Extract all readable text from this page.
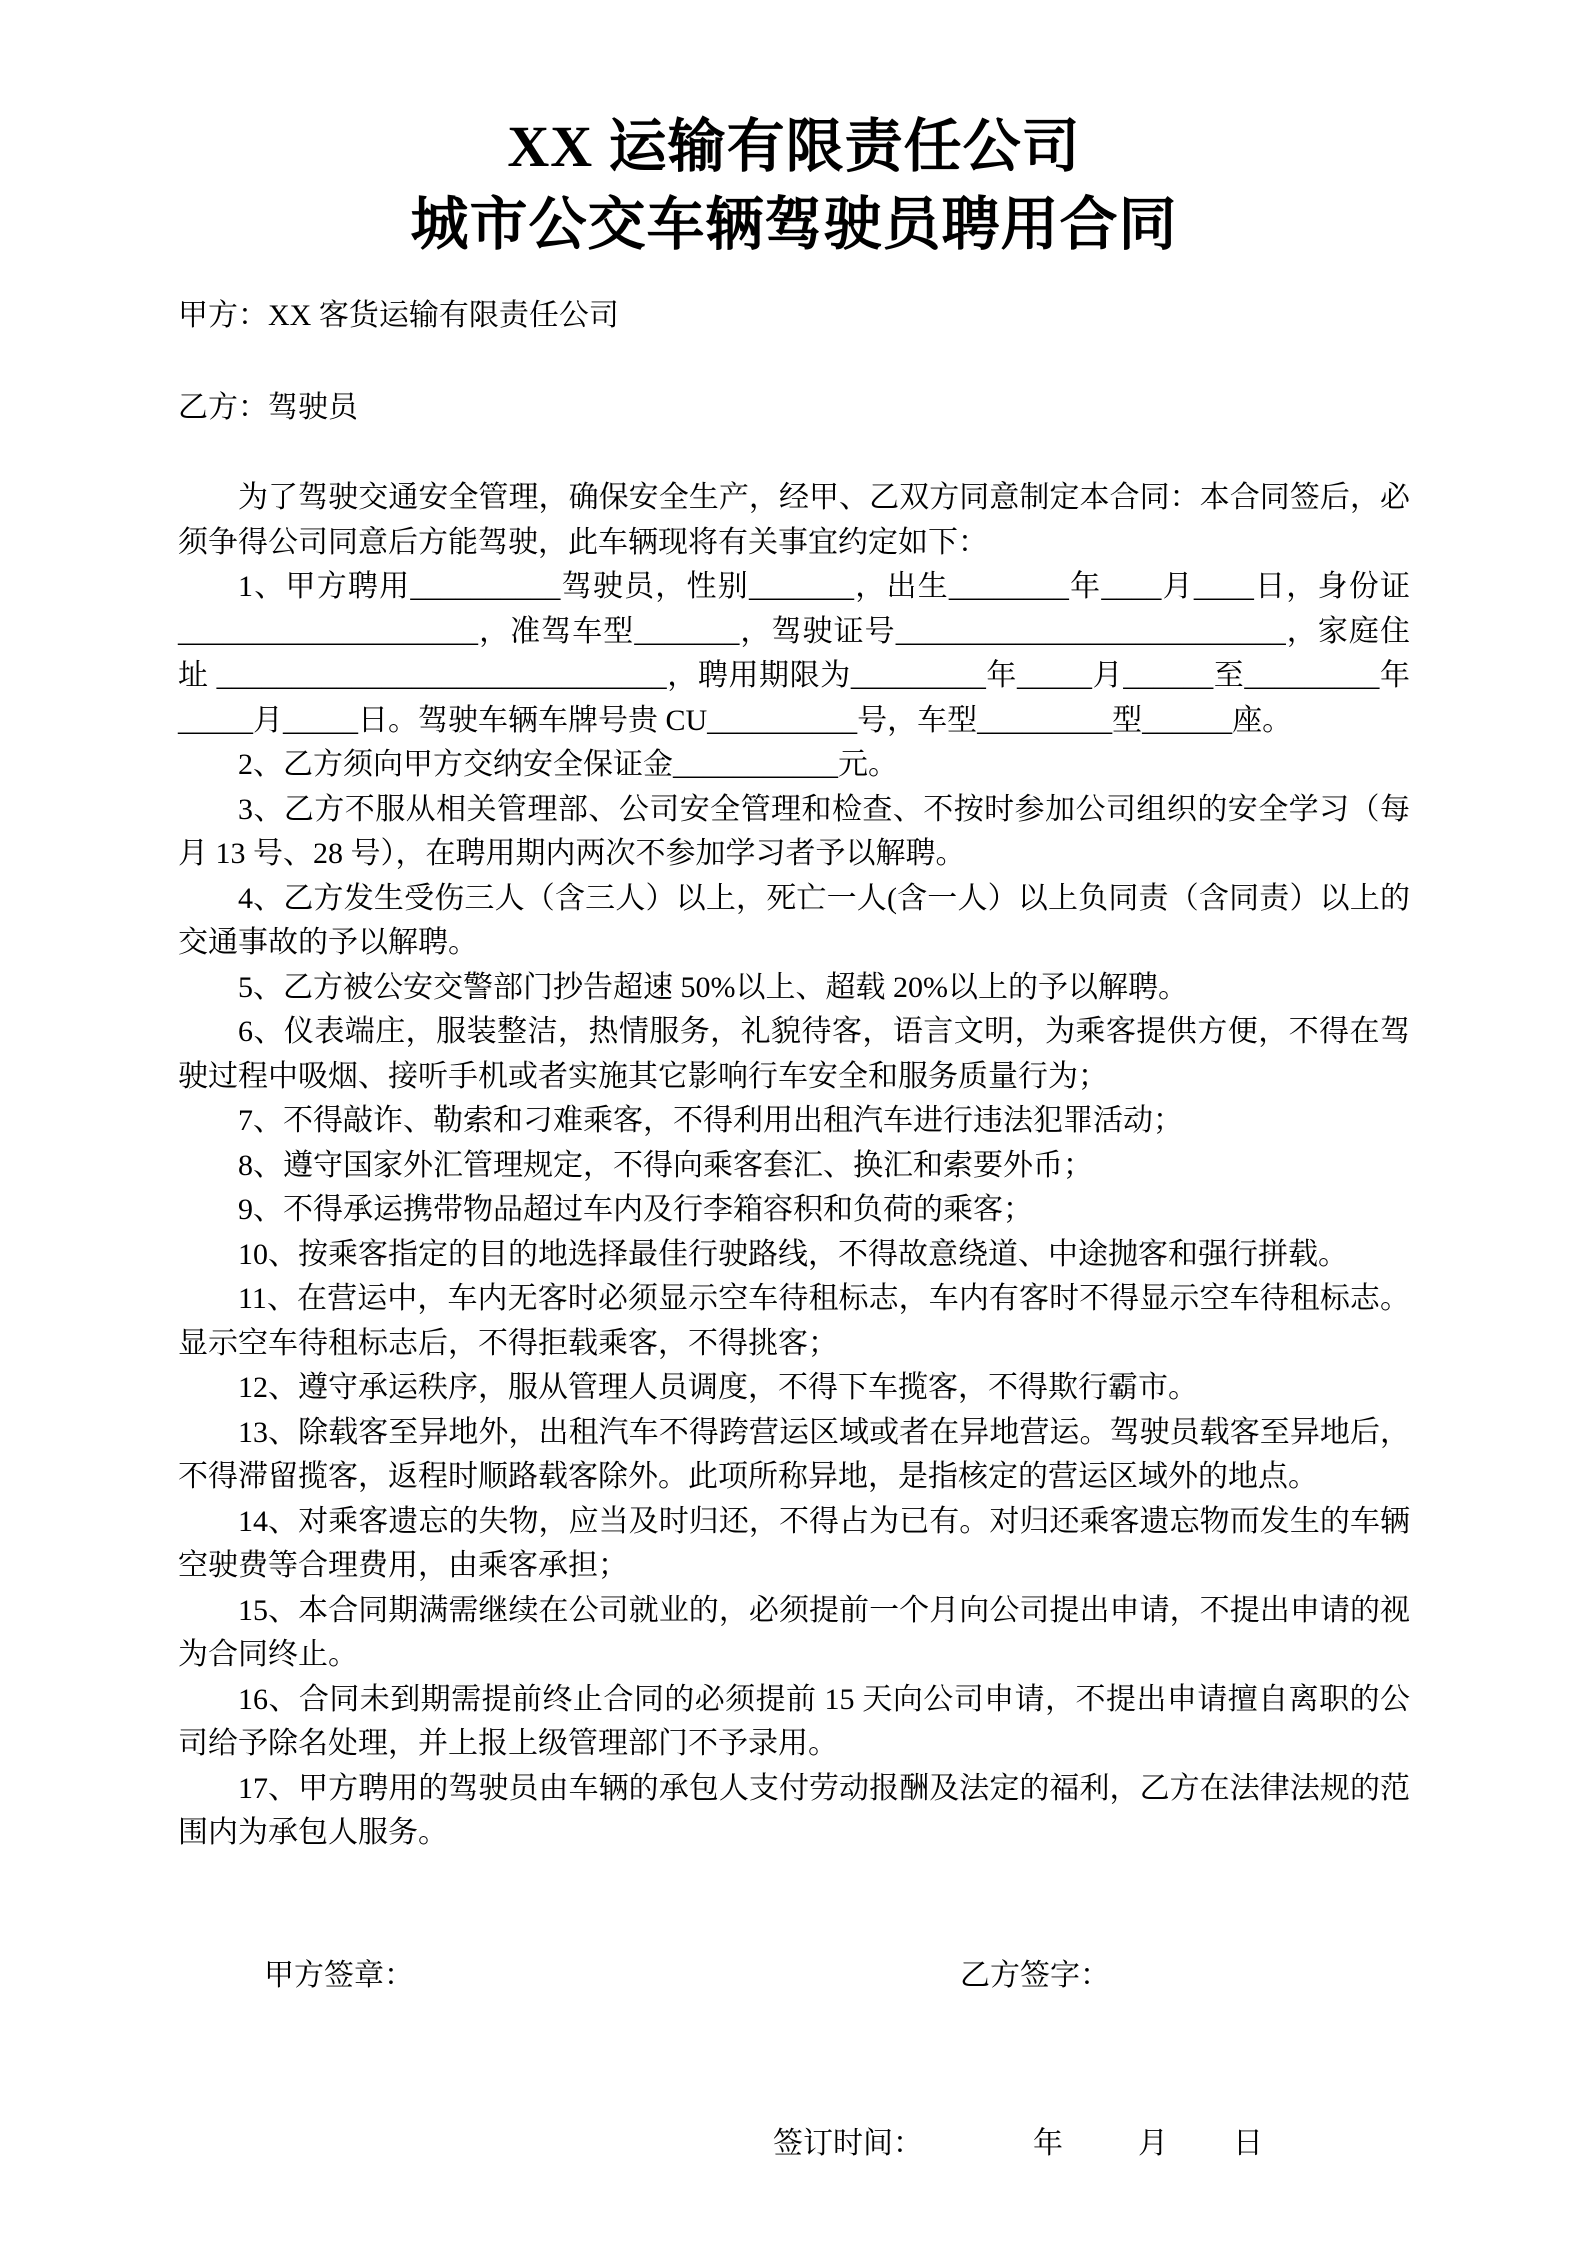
XX 运输有限责任公司
城市公交车辆驾驶员聘用合同
甲方：XX 客货运输有限责任公司
乙方：驾驶员

为了驾驶交通安全管理，确保安全生产，经甲、乙双方同意制定本合同：本合同签后，必须争得公司同意后方能驾驶，此车辆现将有关事宜约定如下：

1、甲方聘用__________驾驶员，性别_______，出生________年____月____日，身份证____________________，准驾车型_______，驾驶证号__________________________，家庭住址 ______________________________，聘用期限为_________年_____月______至_________年_____月_____日。驾驶车辆车牌号贵 CU__________号，车型_________型______座。

2、乙方须向甲方交纳安全保证金___________元。

3、乙方不服从相关管理部、公司安全管理和检查、不按时参加公司组织的安全学习（每月 13 号、28 号），在聘用期内两次不参加学习者予以解聘。

4、乙方发生受伤三人（含三人）以上，死亡一人(含一人）以上负同责（含同责）以上的交通事故的予以解聘。

5、乙方被公安交警部门抄告超速 50%以上、超载 20%以上的予以解聘。

6、仪表端庄，服装整洁，热情服务，礼貌待客，语言文明，为乘客提供方便，不得在驾驶过程中吸烟、接听手机或者实施其它影响行车安全和服务质量行为；

7、不得敲诈、勒索和刁难乘客，不得利用出租汽车进行违法犯罪活动；

8、遵守国家外汇管理规定，不得向乘客套汇、换汇和索要外币；

9、不得承运携带物品超过车内及行李箱容积和负荷的乘客；

10、按乘客指定的目的地选择最佳行驶路线，不得故意绕道、中途抛客和强行拼载。

11、在营运中，车内无客时必须显示空车待租标志，车内有客时不得显示空车待租标志。显示空车待租标志后，不得拒载乘客，不得挑客；

12、遵守承运秩序，服从管理人员调度，不得下车揽客，不得欺行霸市。

13、除载客至异地外，出租汽车不得跨营运区域或者在异地营运。驾驶员载客至异地后，不得滞留揽客，返程时顺路载客除外。此项所称异地，是指核定的营运区域外的地点。

14、对乘客遗忘的失物，应当及时归还，不得占为已有。对归还乘客遗忘物而发生的车辆空驶费等合理费用，由乘客承担；

15、本合同期满需继续在公司就业的，必须提前一个月向公司提出申请，不提出申请的视为合同终止。

16、合同未到期需提前终止合同的必须提前 15 天向公司申请，不提出申请擅自离职的公司给予除名处理，并上报上级管理部门不予录用。

17、甲方聘用的驾驶员由车辆的承包人支付劳动报酬及法定的福利，乙方在法律法规的范围内为承包人服务。

甲方签章：	乙方签字：
签订时间：	年	月 日
